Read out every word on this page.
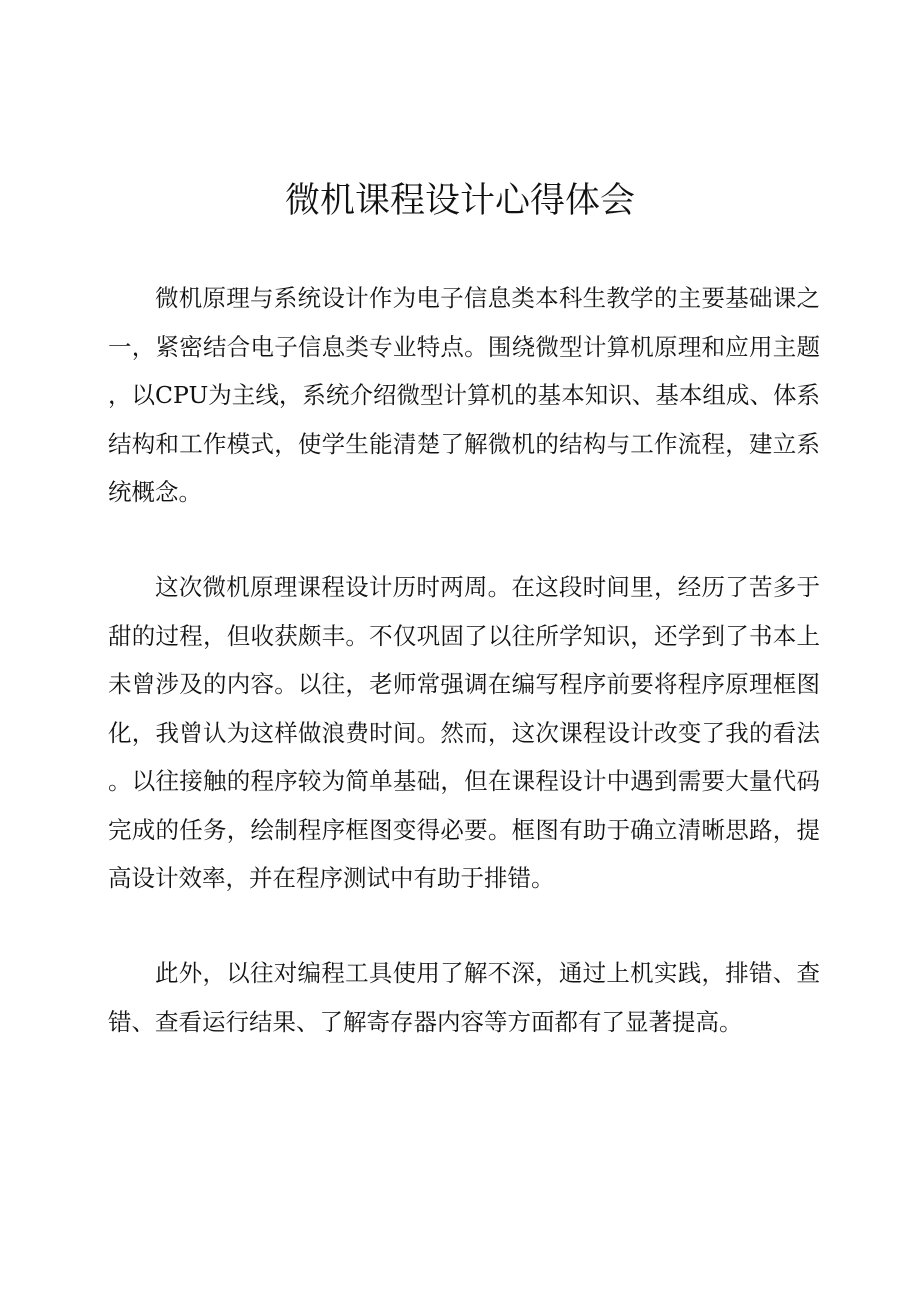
微机课程设计心得体会

微机原理与系统设计作为电子信息类本科生教学的主要基础课之一，紧密结合电子信息类专业特点。围绕微型计算机原理和应用主题，以CPU为主线，系统介绍微型计算机的基本知识、基本组成、体系结构和工作模式，使学生能清楚了解微机的结构与工作流程，建立系统概念。

这次微机原理课程设计历时两周。在这段时间里，经历了苦多于甜的过程，但收获颇丰。不仅巩固了以往所学知识，还学到了书本上未曾涉及的内容。以往，老师常强调在编写程序前要将程序原理框图化，我曾认为这样做浪费时间。然而，这次课程设计改变了我的看法。以往接触的程序较为简单基础，但在课程设计中遇到需要大量代码完成的任务，绘制程序框图变得必要。框图有助于确立清晰思路，提高设计效率，并在程序测试中有助于排错。

此外，以往对编程工具使用了解不深，通过上机实践，排错、查错、查看运行结果、了解寄存器内容等方面都有了显著提高。
